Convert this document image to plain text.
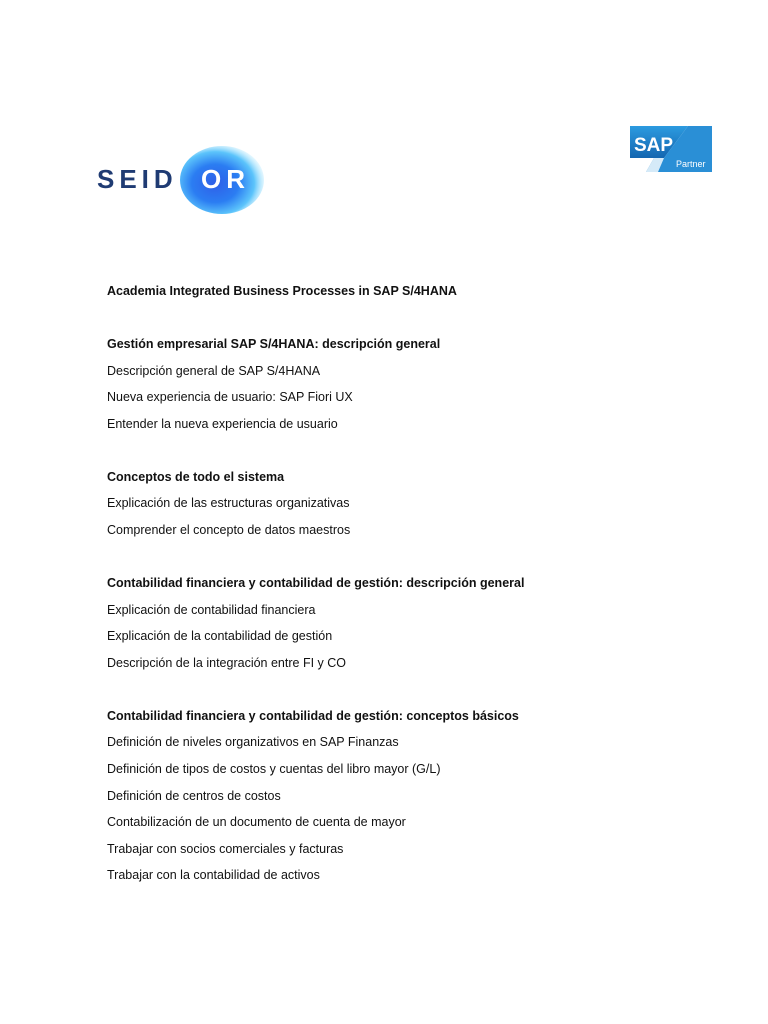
SEID OR
SAP
Partner

Academia Integrated Business Processes in SAP S/4HANA

Gestión empresarial SAP S/4HANA: descripción general

Descripción general de SAP S/4HANA

Nueva experiencia de usuario: SAP Fiori UX

Entender la nueva experiencia de usuario

Conceptos de todo el sistema

Explicación de las estructuras organizativas

Comprender el concepto de datos maestros

Contabilidad financiera y contabilidad de gestión: descripción general

Explicación de contabilidad financiera

Explicación de la contabilidad de gestión

Descripción de la integración entre FI y CO

Contabilidad financiera y contabilidad de gestión: conceptos básicos

Definición de niveles organizativos en SAP Finanzas

Definición de tipos de costos y cuentas del libro mayor (G/L)

Definición de centros de costos

Contabilización de un documento de cuenta de mayor

Trabajar con socios comerciales y facturas

Trabajar con la contabilidad de activos
